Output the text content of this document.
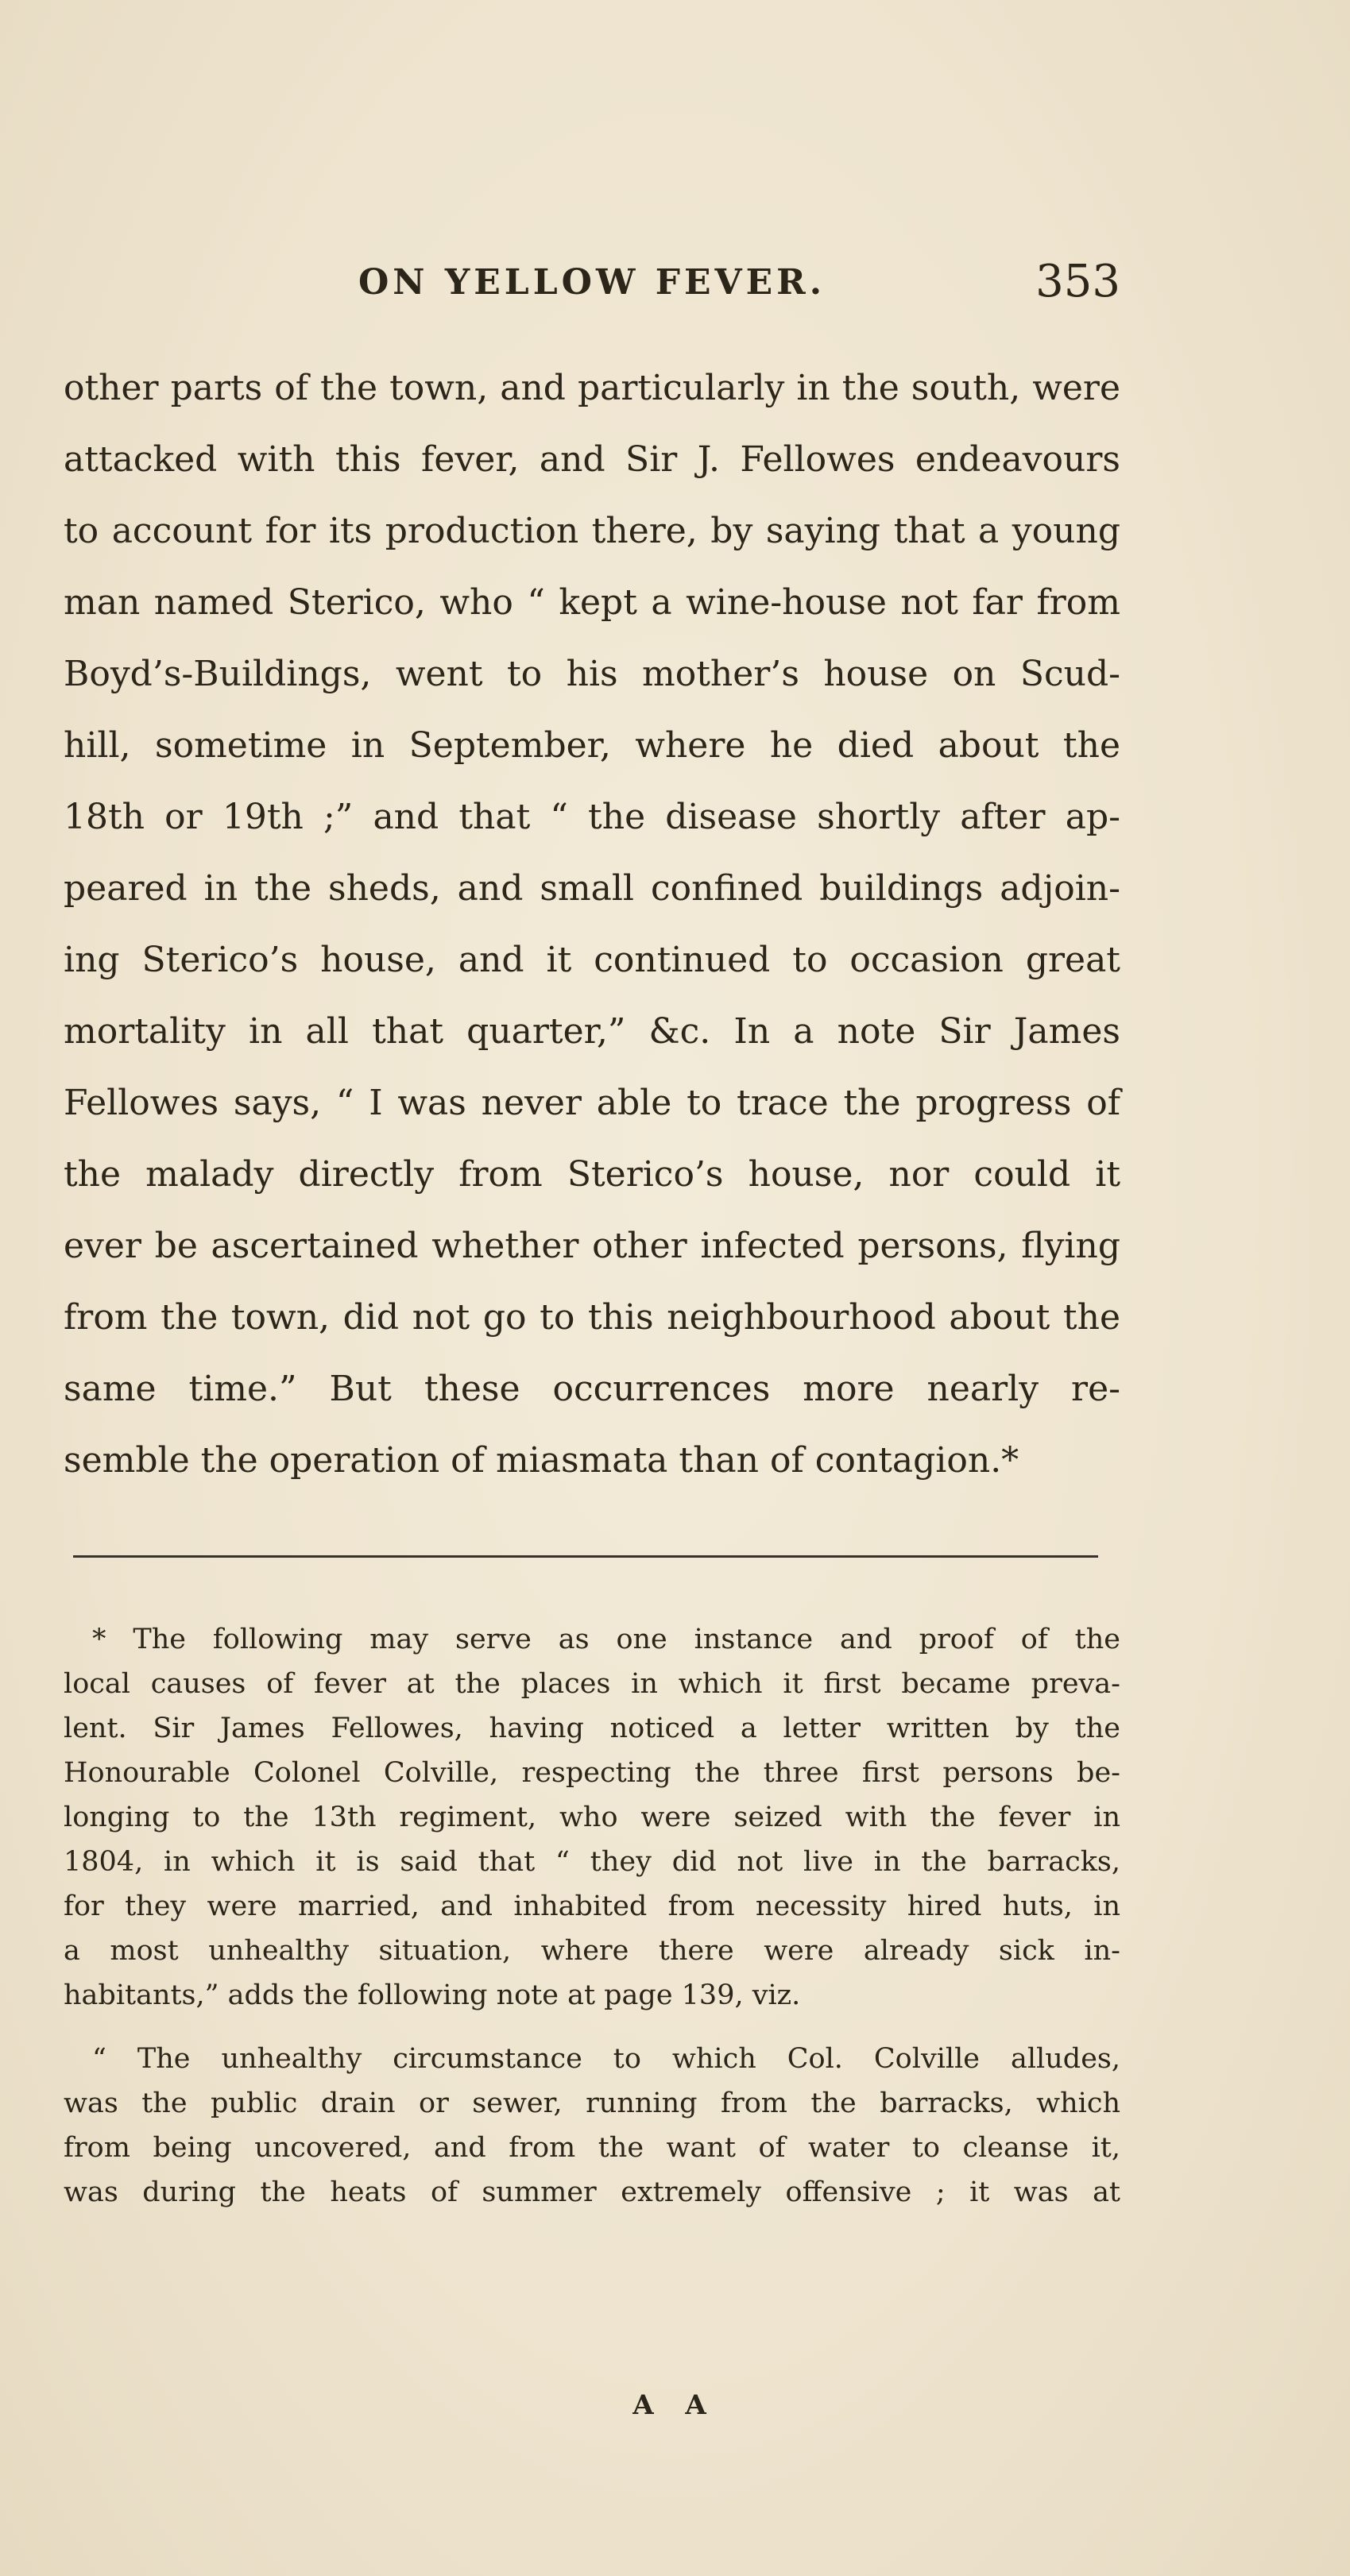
ON YELLOW FEVER.	353
other parts of the town, and particularly in the south, were
attacked with this fever, and Sir J. Fellowes endeavours
to account for its production there, by saying that a young
man named Sterico, who “ kept a wine-house not far from
Boyd’s-Buildings, went to his mother’s house on Scud-
hill, sometime in September, where he died about the
18th or 19th ;” and that “ the disease shortly after ap-
peared in the sheds, and small confined buildings adjoin-
ing Sterico’s house, and it continued to occasion great
mortality in all that quarter,” &c. In a note Sir James
Fellowes says, “ I was never able to trace the progress of
the malady directly from Sterico’s house, nor could it
ever be ascertained whether other infected persons, flying
from the town, did not go to this neighbourhood about the
same time.” But these occurrences more nearly re-
semble the operation of miasmata than of contagion.*
* The following may serve as one instance and proof of the
local causes of fever at the places in which it first became preva-
lent. Sir James Fellowes, having noticed a letter written by the
Honourable Colonel Colville, respecting the three first persons be-
longing to the 13th regiment, who were seized with the fever in
1804, in which it is said that “ they did not live in the barracks,
for they were married, and inhabited from necessity hired huts, in
a most unhealthy situation, where there were already sick in-
habitants,” adds the following note at page 139, viz.
“ The unhealthy circumstance to which Col. Colville alludes,
was the public drain or sewer, running from the barracks, which
from being uncovered, and from the want of water to cleanse it,
was during the heats of summer extremely offensive ; it was at
A A
